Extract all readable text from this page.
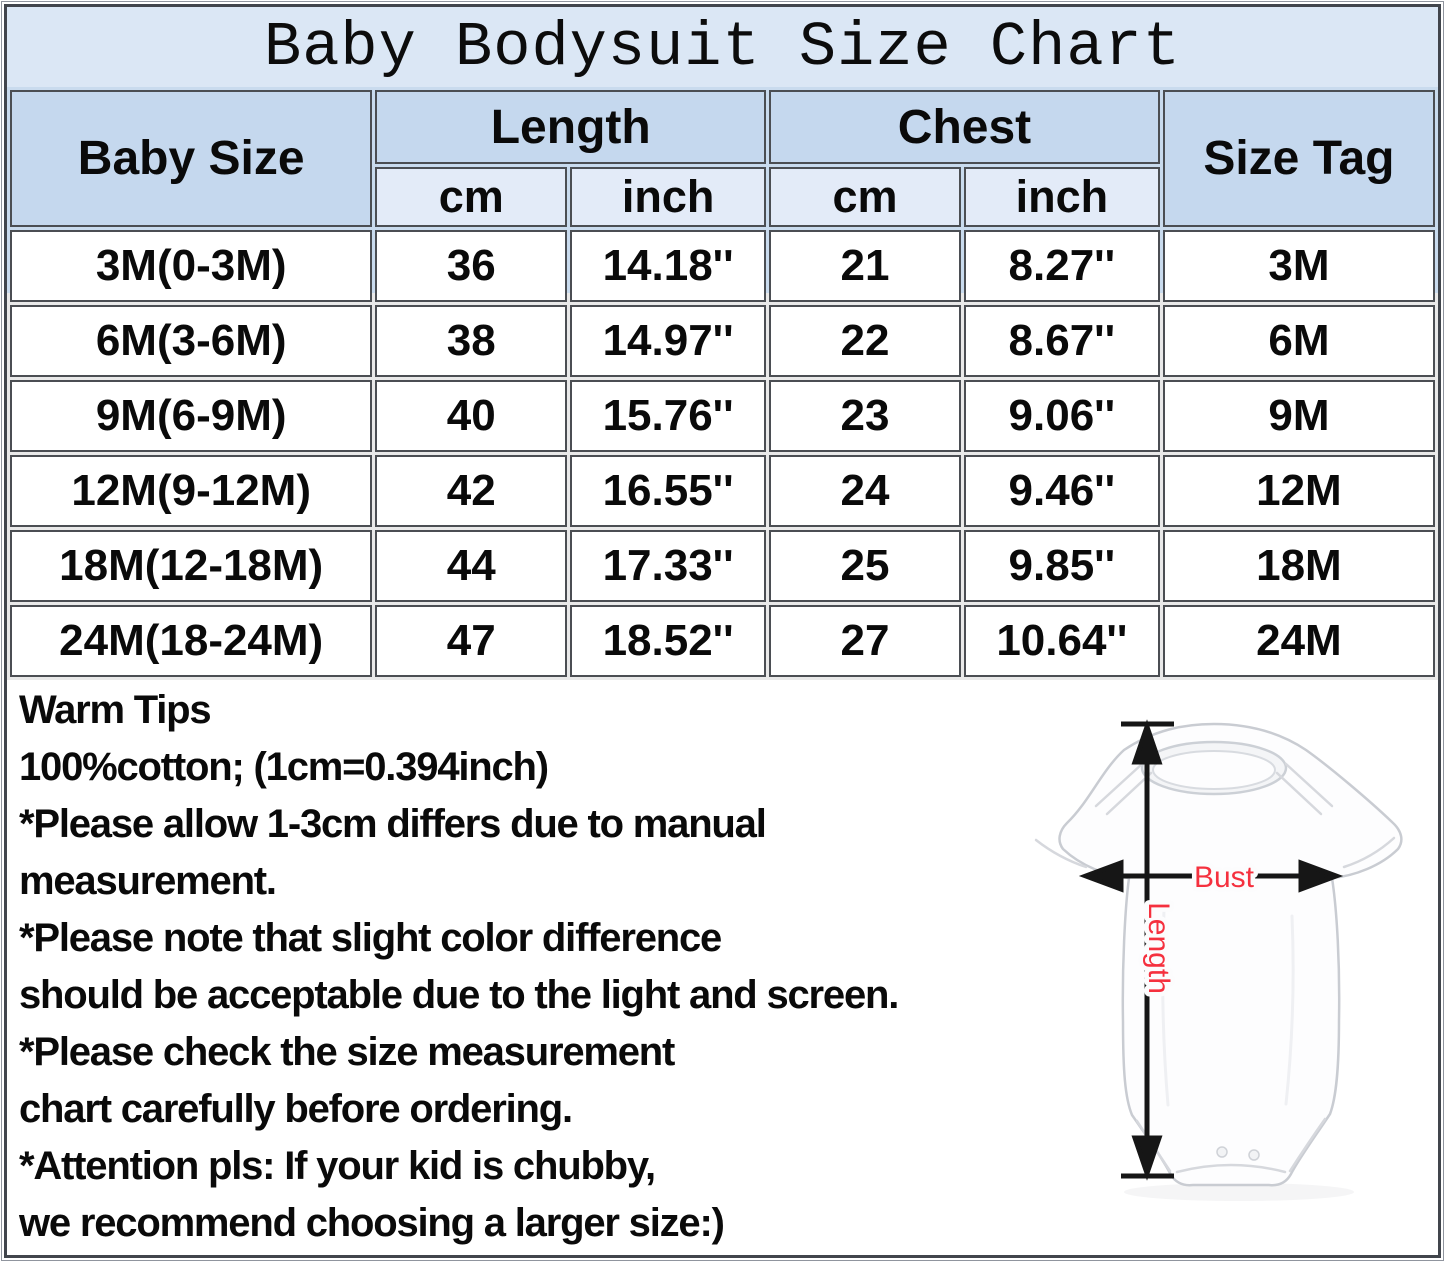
Baby Bodysuit Size Chart
Baby Size	Length		Chest		Size Tag
	cm	inch	cm	inch	
3M(0-3M)	36	14.18''	21	8.27''	3M
6M(3-6M)	38	14.97''	22	8.67''	6M
9M(6-9M)	40	15.76''	23	9.06''	9M
12M(9-12M)	42	16.55''	24	9.46''	12M
18M(12-18M)	44	17.33''	25	9.85''	18M
24M(18-24M)	47	18.52''	27	10.64''	24M
Warm Tips
100%cotton; (1cm=0.394inch)
*Please allow 1-3cm differs due to manual
measurement.
*Please note that slight color difference
should be acceptable due to the light and screen.
*Please check the size measurement
chart carefully before ordering.
*Attention pls: If your kid is chubby,
we recommend choosing a larger size:)
Bust
Length
